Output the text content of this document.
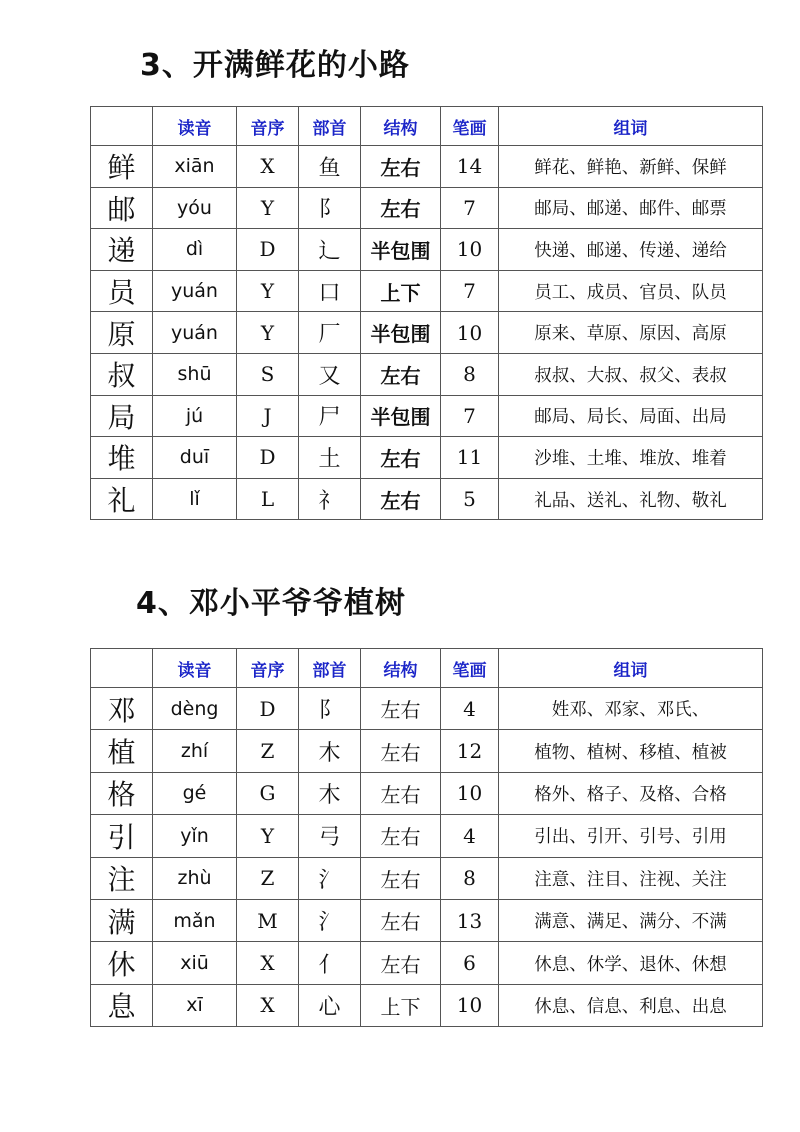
3、开满鲜花的小路
	读音	音序	部首	结构	笔画	组词
鲜	xiān	X	鱼	左右	14	鲜花、鲜艳、新鲜、保鲜
邮	yóu	Y	阝	左右	7	邮局、邮递、邮件、邮票
递	dì	D	辶	半包围	10	快递、邮递、传递、递给
员	yuán	Y	口	上下	7	员工、成员、官员、队员
原	yuán	Y	厂	半包围	10	原来、草原、原因、高原
叔	shū	S	又	左右	8	叔叔、大叔、叔父、表叔
局	jú	J	尸	半包围	7	邮局、局长、局面、出局
堆	duī	D	土	左右	11	沙堆、土堆、堆放、堆着
礼	lǐ	L	礻	左右	5	礼品、送礼、礼物、敬礼
4、邓小平爷爷植树
	读音	音序	部首	结构	笔画	组词
邓	dèng	D	阝	左右	4	姓邓、邓家、邓氏、
植	zhí	Z	木	左右	12	植物、植树、移植、植被
格	gé	G	木	左右	10	格外、格子、及格、合格
引	yǐn	Y	弓	左右	4	引出、引开、引号、引用
注	zhù	Z	氵	左右	8	注意、注目、注视、关注
满	mǎn	M	氵	左右	13	满意、满足、满分、不满
休	xiū	X	亻	左右	6	休息、休学、退休、休想
息	xī	X	心	上下	10	休息、信息、利息、出息
